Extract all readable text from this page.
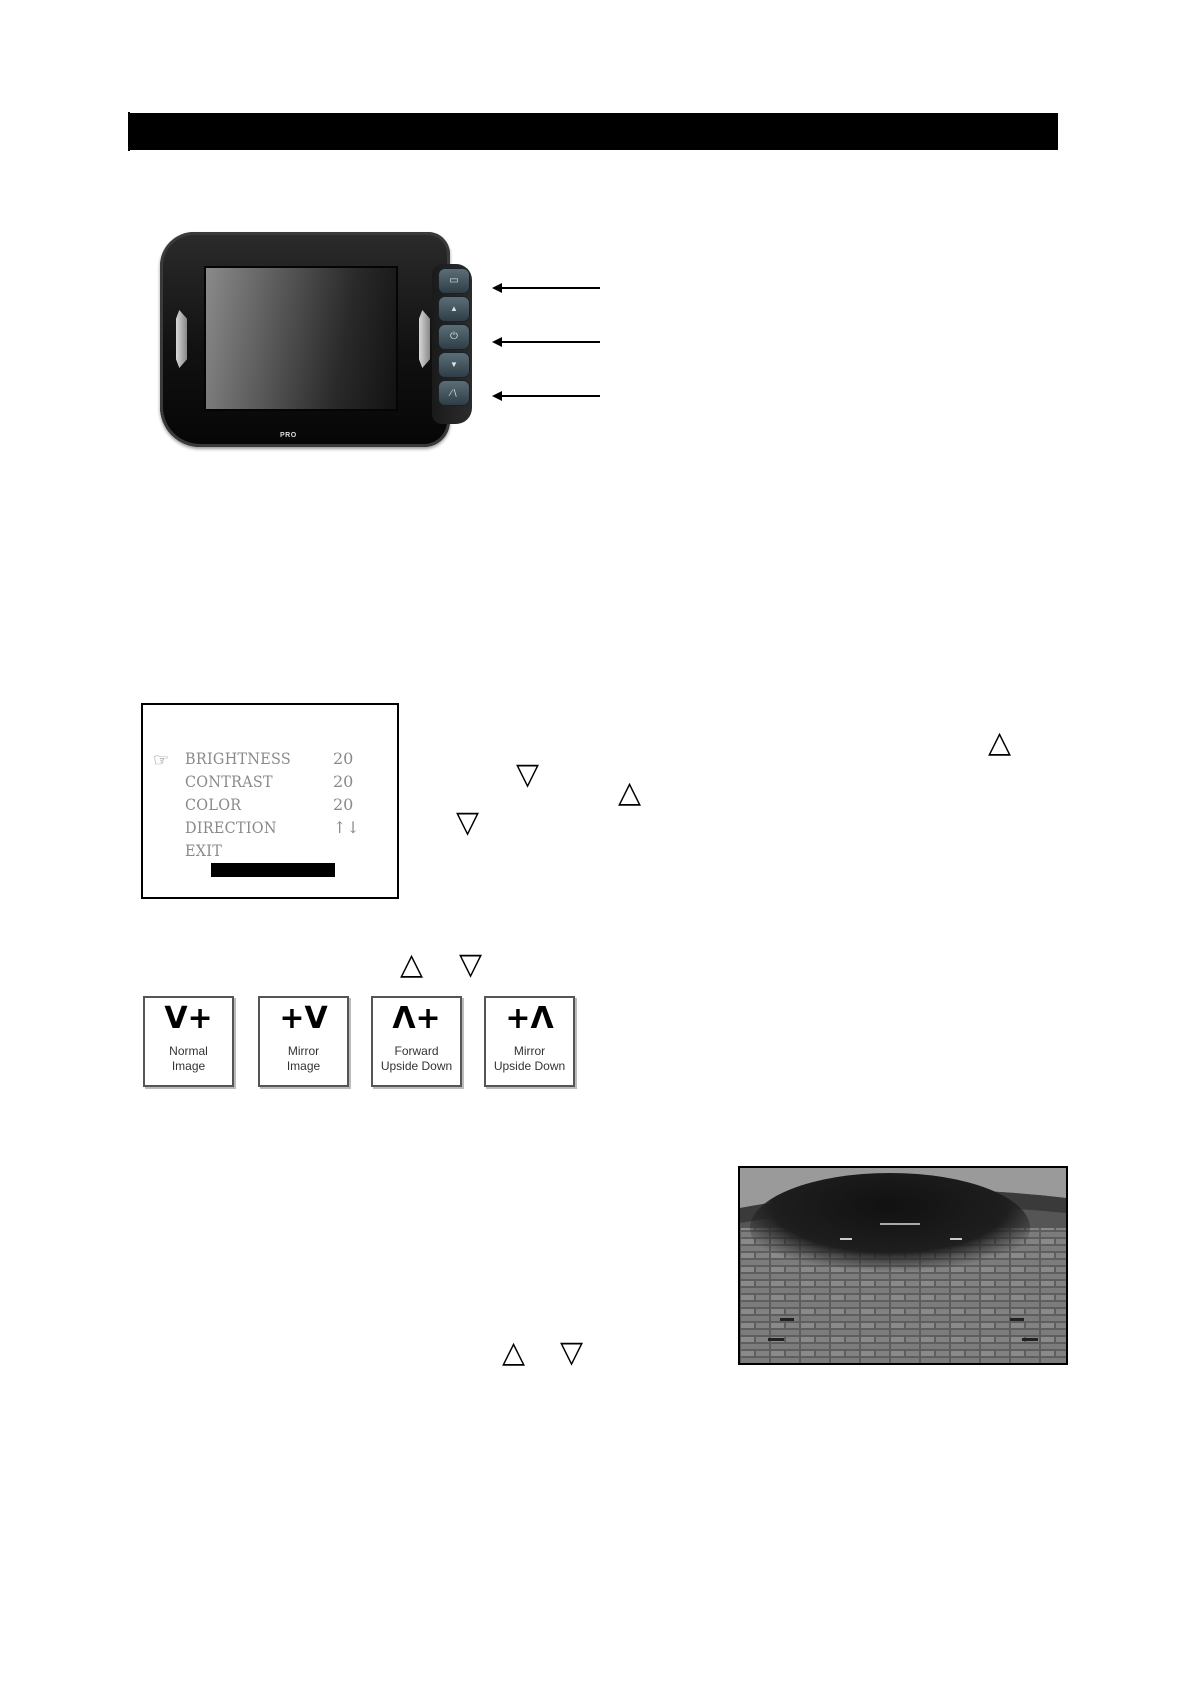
PRO
▭
▲
⏻
▼
∕∖
☞ BRIGHTNESS	20
CONTRAST	20
COLOR	20
DIRECTION	↑↓
EXIT
△
▽
△
▽
△ ▽
V+
Normal
Image
+V
Mirror
Image
Λ+
Forward
Upside Down
+Λ
Mirror
Upside Down
△ ▽
